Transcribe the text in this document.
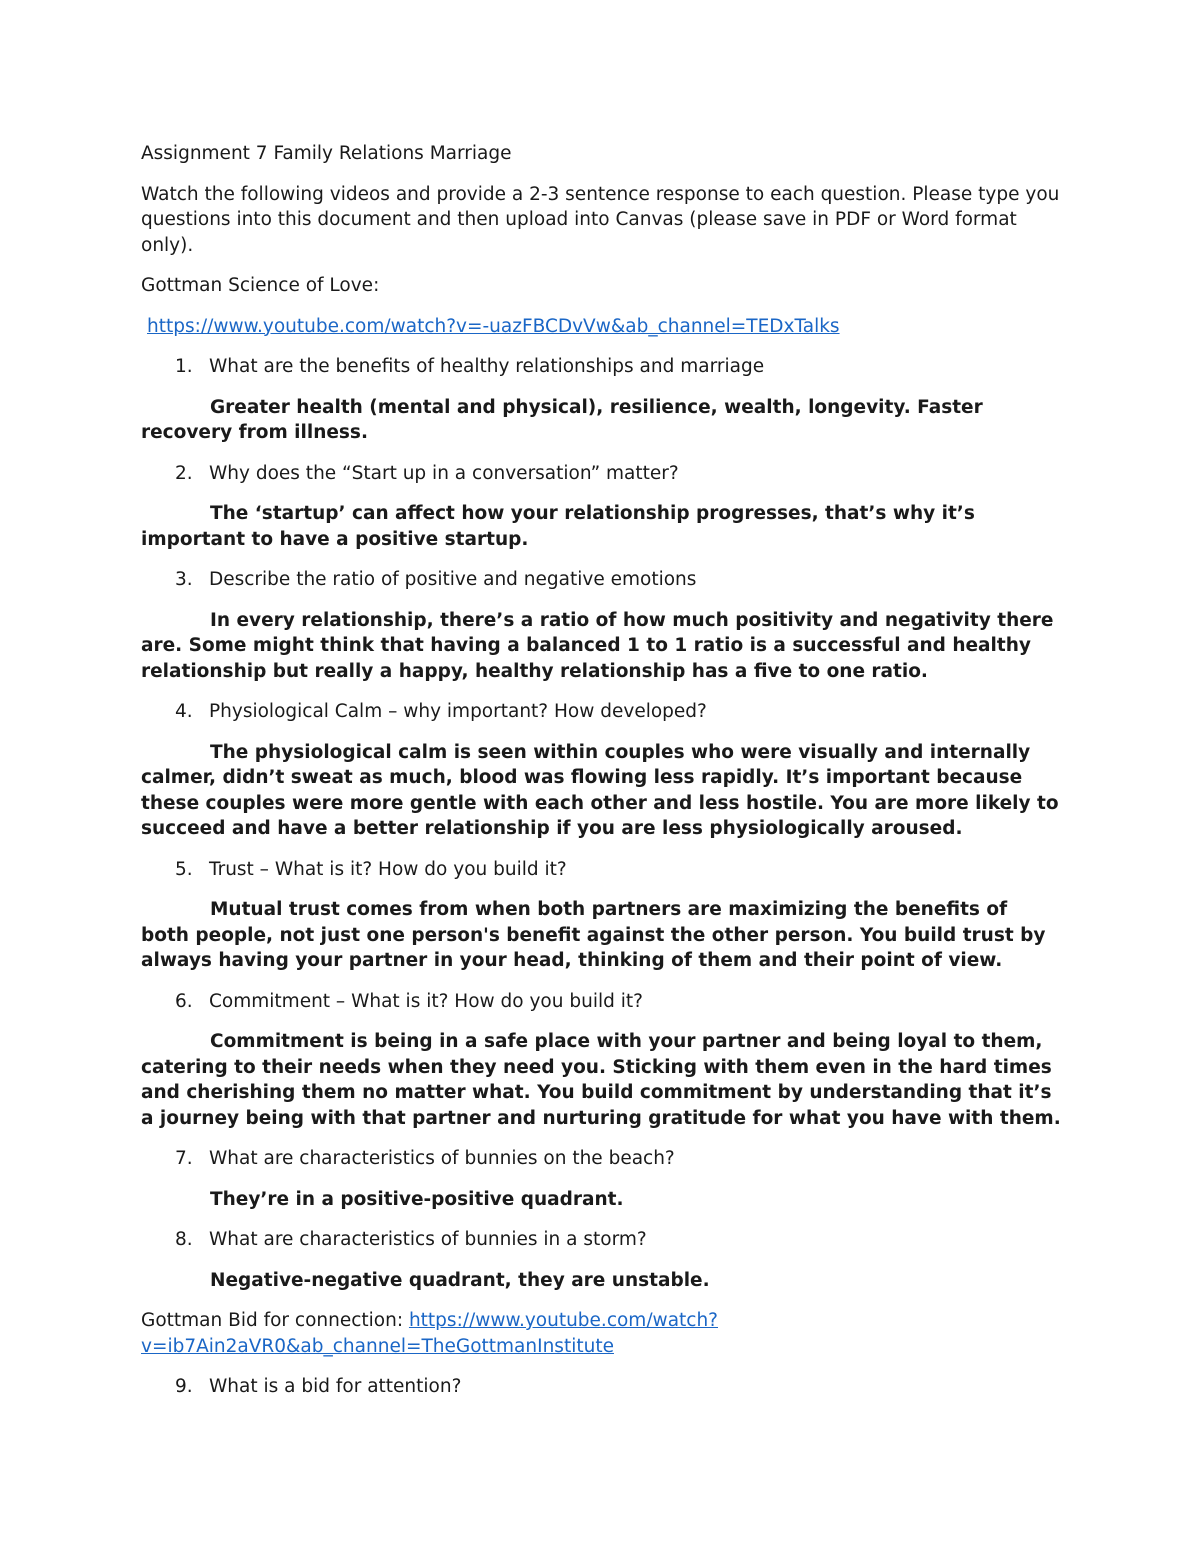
Assignment 7 Family Relations Marriage

Watch the following videos and provide a 2-3 sentence response to each question. Please type you questions into this document and then upload into Canvas (please save in PDF or Word format only).

Gottman Science of Love:

https://www.youtube.com/watch?v=-uazFBCDvVw&ab_channel=TEDxTalks

1. What are the benefits of healthy relationships and marriage

Greater health (mental and physical), resilience, wealth, longevity. Faster recovery from illness.

2. Why does the “Start up in a conversation” matter?

The ‘startup’ can affect how your relationship progresses, that’s why it’s important to have a positive startup.

3. Describe the ratio of positive and negative emotions

In every relationship, there’s a ratio of how much positivity and negativity there are. Some might think that having a balanced 1 to 1 ratio is a successful and healthy relationship but really a happy, healthy relationship has a five to one ratio.

4. Physiological Calm – why important? How developed?

The physiological calm is seen within couples who were visually and internally calmer, didn’t sweat as much, blood was flowing less rapidly. It’s important because these couples were more gentle with each other and less hostile. You are more likely to succeed and have a better relationship if you are less physiologically aroused.

5. Trust – What is it? How do you build it?

Mutual trust comes from when both partners are maximizing the benefits of both people, not just one person's benefit against the other person. You build trust by always having your partner in your head, thinking of them and their point of view.

6. Commitment – What is it? How do you build it?

Commitment is being in a safe place with your partner and being loyal to them, catering to their needs when they need you. Sticking with them even in the hard times and cherishing them no matter what. You build commitment by understanding that it’s a journey being with that partner and nurturing gratitude for what you have with them.

7. What are characteristics of bunnies on the beach?

They’re in a positive-positive quadrant.

8. What are characteristics of bunnies in a storm?

Negative-negative quadrant, they are unstable.

Gottman Bid for connection: https://www.youtube.com/watch?v=ib7Ain2aVR0&ab_channel=TheGottmanInstitute

9. What is a bid for attention?
